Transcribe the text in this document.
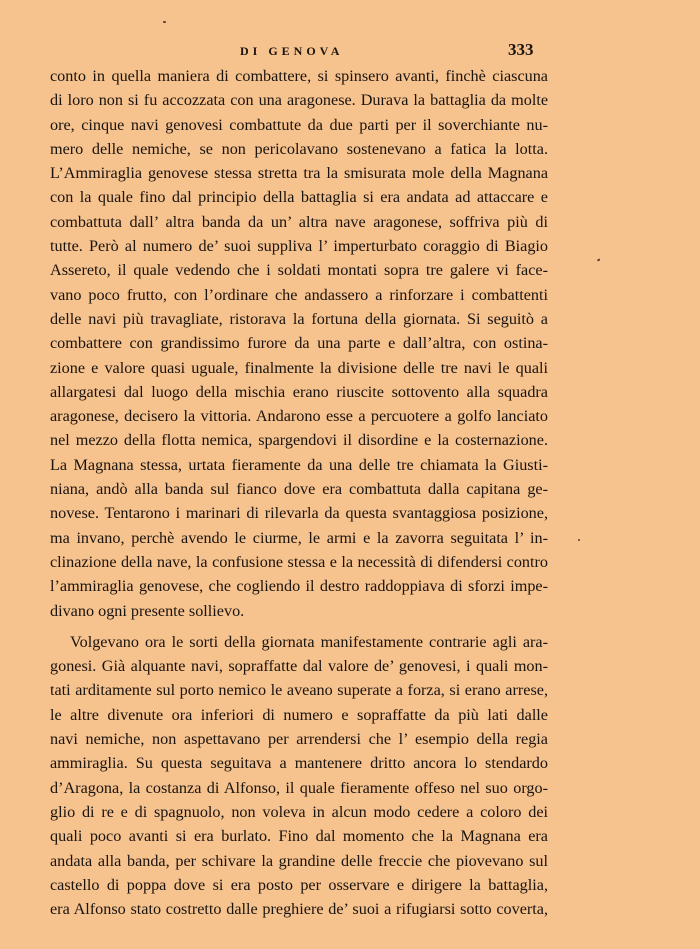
DI GENOVA	333
conto in quella maniera di combattere, si spinsero avanti, finchè ciascuna
di loro non si fu accozzata con una aragonese. Durava la battaglia da molte
ore, cinque navi genovesi combattute da due parti per il soverchiante nu-
mero delle nemiche, se non pericolavano sostenevano a fatica la lotta.
L’Ammiraglia genovese stessa stretta tra la smisurata mole della Magnana
con la quale fino dal principio della battaglia si era andata ad attaccare e
combattuta dall’ altra banda da un’ altra nave aragonese, soffriva più di
tutte. Però al numero de’ suoi suppliva l’ imperturbato coraggio di Biagio
Assereto, il quale vedendo che i soldati montati sopra tre galere vi face-
vano poco frutto, con l’ordinare che andassero a rinforzare i combattenti
delle navi più travagliate, ristorava la fortuna della giornata. Si seguitò a
combattere con grandissimo furore da una parte e dall’altra, con ostina-
zione e valore quasi uguale, finalmente la divisione delle tre navi le quali
allargatesi dal luogo della mischia erano riuscite sottovento alla squadra
aragonese, decisero la vittoria. Andarono esse a percuotere a golfo lanciato
nel mezzo della flotta nemica, spargendovi il disordine e la costernazione.
La Magnana stessa, urtata fieramente da una delle tre chiamata la Giusti-
niana, andò alla banda sul fianco dove era combattuta dalla capitana ge-
novese. Tentarono i marinari di rilevarla da questa svantaggiosa posizione,
ma invano, perchè avendo le ciurme, le armi e la zavorra seguitata l’ in-
clinazione della nave, la confusione stessa e la necessità di difendersi contro
l’ammiraglia genovese, che cogliendo il destro raddoppiava di sforzi impe-
divano ogni presente sollievo.
Volgevano ora le sorti della giornata manifestamente contrarie agli ara-
gonesi. Già alquante navi, sopraffatte dal valore de’ genovesi, i quali mon-
tati arditamente sul porto nemico le aveano superate a forza, si erano arrese,
le altre divenute ora inferiori di numero e sopraffatte da più lati dalle
navi nemiche, non aspettavano per arrendersi che l’ esempio della regia
ammiraglia. Su questa seguitava a mantenere dritto ancora lo stendardo
d’Aragona, la costanza di Alfonso, il quale fieramente offeso nel suo orgo-
glio di re e di spagnuolo, non voleva in alcun modo cedere a coloro dei
quali poco avanti si era burlato. Fino dal momento che la Magnana era
andata alla banda, per schivare la grandine delle freccie che piovevano sul
castello di poppa dove si era posto per osservare e dirigere la battaglia,
era Alfonso stato costretto dalle preghiere de’ suoi a rifugiarsi sotto coverta,
